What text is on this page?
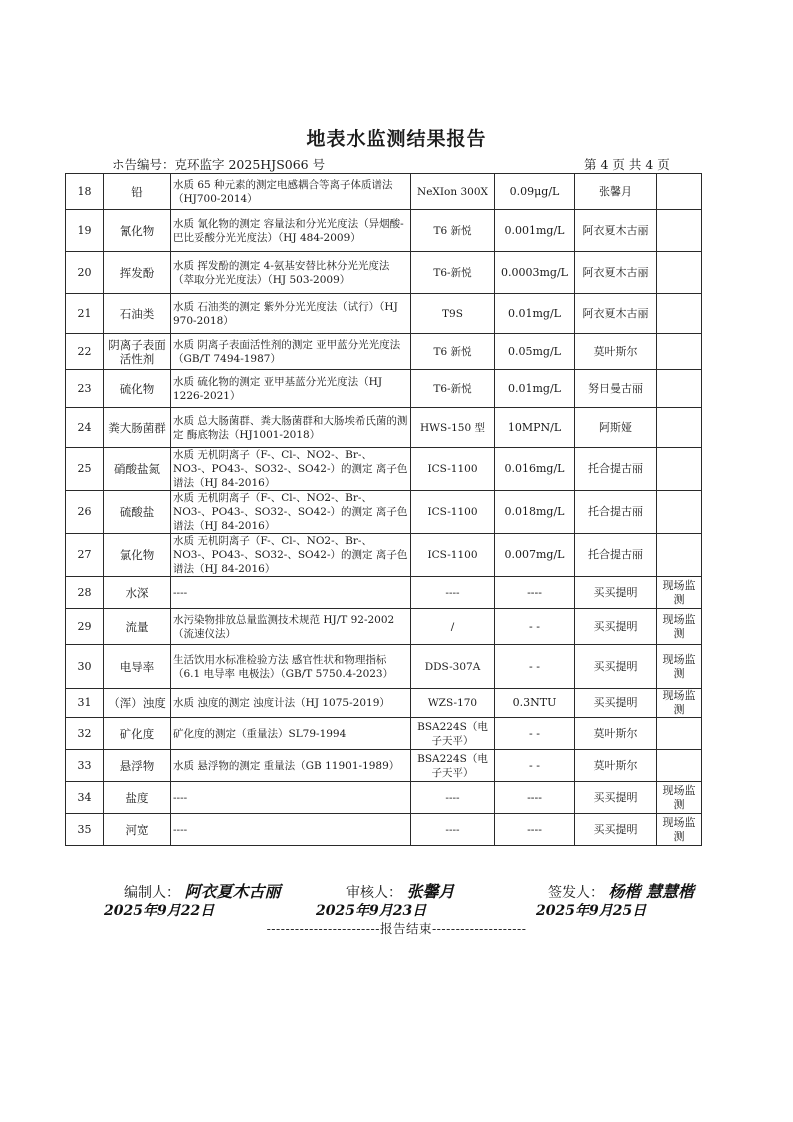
地表水监测结果报告
ホ告编号：克环监字 2025HJS066 号	第 4 页 共 4 页
18	铅	水质 65 种元素的测定电感耦合等离子体质谱法（HJ700-2014）	NeXIon 300X	0.09μg/L	张馨月	
19	氰化物	水质 氰化物的测定 容量法和分光光度法（异烟酸-巴比妥酸分光光度法）（HJ 484-2009）	T6 新悦	0.001mg/L	阿衣夏木古丽	
20	挥发酚	水质 挥发酚的测定 4-氨基安替比林分光光度法（萃取分光光度法）（HJ 503-2009）	T6-新悦	0.0003mg/L	阿衣夏木古丽	
21	石油类	水质 石油类的测定 紫外分光光度法（试行）（HJ 970-2018）	T9S	0.01mg/L	阿衣夏木古丽	
22	阴离子表面活性剂	水质 阴离子表面活性剂的测定 亚甲蓝分光光度法（GB/T 7494-1987）	T6 新悦	0.05mg/L	莫叶斯尔	
23	硫化物	水质 硫化物的测定 亚甲基蓝分光光度法（HJ 1226-2021）	T6-新悦	0.01mg/L	努日曼古丽	
24	粪大肠菌群	水质 总大肠菌群、粪大肠菌群和大肠埃希氏菌的测定 酶底物法（HJ1001-2018）	HWS-150 型	10MPN/L	阿斯娅	
25	硝酸盐氮	水质 无机阴离子（F-、Cl-、NO2-、Br-、NO3-、PO43-、SO32-、SO42-）的测定 离子色谱法（HJ 84-2016）	ICS-1100	0.016mg/L	托合提古丽	
26	硫酸盐	水质 无机阴离子（F-、Cl-、NO2-、Br-、NO3-、PO43-、SO32-、SO42-）的测定 离子色谱法（HJ 84-2016）	ICS-1100	0.018mg/L	托合提古丽	
27	氯化物	水质 无机阴离子（F-、Cl-、NO2-、Br-、NO3-、PO43-、SO32-、SO42-）的测定 离子色谱法（HJ 84-2016）	ICS-1100	0.007mg/L	托合提古丽	
28	水深	----	----	----	买买提明	现场监测
29	流量	水污染物排放总量监测技术规范 HJ/T 92-2002（流速仪法）	/	- -	买买提明	现场监测
30	电导率	生活饮用水标准检验方法 感官性状和物理指标（6.1 电导率 电极法）（GB/T 5750.4-2023）	DDS-307A	- -	买买提明	现场监测
31	（浑）浊度	水质 浊度的测定 浊度计法（HJ 1075-2019）	WZS-170	0.3NTU	买买提明	现场监测
32	矿化度	矿化度的测定（重量法）SL79-1994	BSA224S（电子天平）	- -	莫叶斯尔	
33	悬浮物	水质 悬浮物的测定 重量法（GB 11901-1989）	BSA224S（电子天平）	- -	莫叶斯尔	
34	盐度	----	----	----	买买提明	现场监测
35	河宽	----	----	----	买买提明	现场监测
编制人： 阿衣夏木古丽	审核人： 张馨月	签发人： 杨楷 慧慧楷
2025年9月22日	2025年9月23日	2025年9月25日
------------------------报告结束--------------------
